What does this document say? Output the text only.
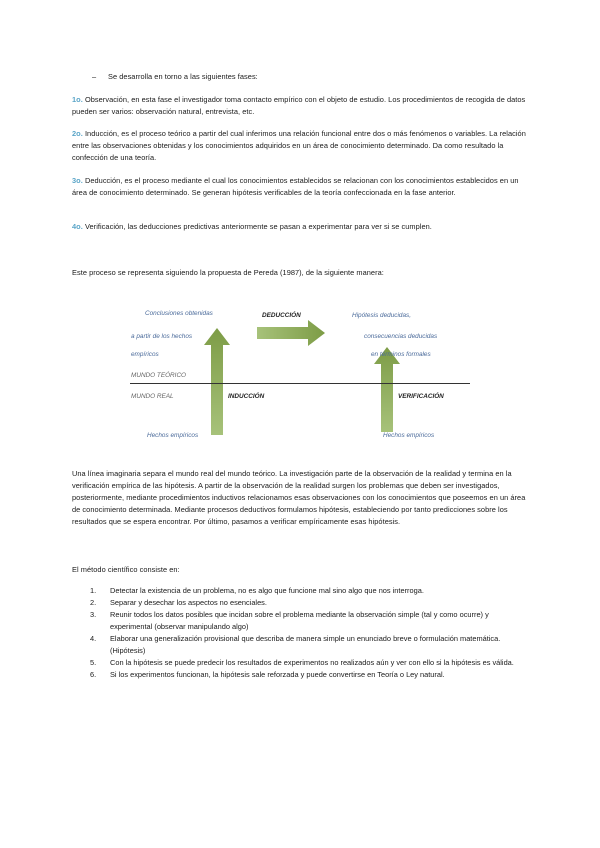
– Se desarrolla en torno a las siguientes fases:
1o. Observación, en esta fase el investigador toma contacto empírico con el objeto de estudio. Los procedimientos de recogida de datos pueden ser varios: observación natural, entrevista, etc.
2o. Inducción, es el proceso teórico a partir del cual inferimos una relación funcional entre dos o más fenómenos o variables. La relación entre las observaciones obtenidas y los conocimientos adquiridos en un área de conocimiento determinado. Da como resultado la confección de una teoría.
3o. Deducción, es el proceso mediante el cual los conocimientos establecidos se relacionan con los conocimientos establecidos en un área de conocimiento determinado. Se generan hipótesis verificables de la teoría confeccionada en la fase anterior.
4o. Verificación, las deducciones predictivas anteriormente se pasan a experimentar para ver si se cumplen.
Este proceso se representa siguiendo la propuesta de Pereda (1987), de la siguiente manera:
Conclusiones obtenidas
a partir de los hechos
empíricos
DEDUCCIÓN	Hipótesis deducidas,
consecuencias deducidas
en términos formales
MUNDO TEÓRICO
MUNDO REAL	INDUCCIÓN	VERIFICACIÓN
Hechos empíricos	Hechos empíricos
Una línea imaginaria separa el mundo real del mundo teórico. La investigación parte de la observación de la realidad y termina en la verificación empírica de las hipótesis. A partir de la observación de la realidad surgen los problemas que deben ser investigados, posteriormente, mediante procedimientos inductivos relacionamos esas observaciones con los conocimientos que poseemos en un área de conocimiento determinada. Mediante procesos deductivos formulamos hipótesis, estableciendo por tanto predicciones sobre los resultados que se espera encontrar. Por último, pasamos a verificar empíricamente esas hipótesis.
El método científico consiste en:
1. Detectar la existencia de un problema, no es algo que funcione mal sino algo que nos interroga.
2. Separar y desechar los aspectos no esenciales.
3. Reunir todos los datos posibles que incidan sobre el problema mediante la observación simple (tal y como ocurre) y experimental (observar manipulando algo)
4. Elaborar una generalización provisional que describa de manera simple un enunciado breve o formulación matemática. (Hipótesis)
5. Con la hipótesis se puede predecir los resultados de experimentos no realizados aún y ver con ello si la hipótesis es válida.
6. Si los experimentos funcionan, la hipótesis sale reforzada y puede convertirse en Teoría o Ley natural.
